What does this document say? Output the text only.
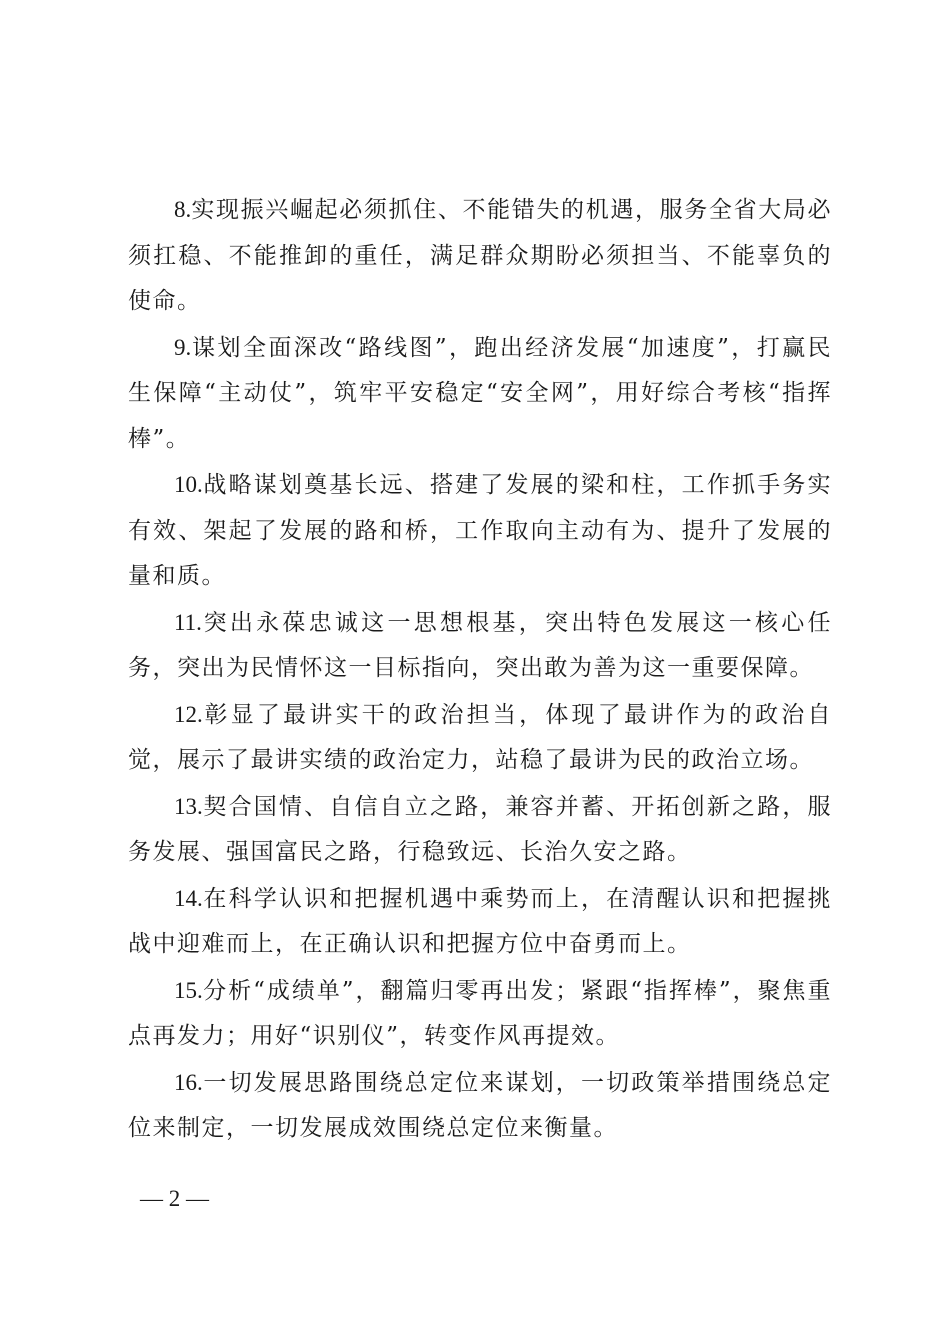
8.实现振兴崛起必须抓住、不能错失的机遇，服务全省大局必须扛稳、不能推卸的重任，满足群众期盼必须担当、不能辜负的使命。

9.谋划全面深改“路线图”，跑出经济发展“加速度”，打赢民生保障“主动仗”，筑牢平安稳定“安全网”，用好综合考核“指挥棒”。

10.战略谋划奠基长远、搭建了发展的梁和柱，工作抓手务实有效、架起了发展的路和桥，工作取向主动有为、提升了发展的量和质。

11.突出永葆忠诚这一思想根基，突出特色发展这一核心任务，突出为民情怀这一目标指向，突出敢为善为这一重要保障。

12.彰显了最讲实干的政治担当，体现了最讲作为的政治自觉，展示了最讲实绩的政治定力，站稳了最讲为民的政治立场。

13.契合国情、自信自立之路，兼容并蓄、开拓创新之路，服务发展、强国富民之路，行稳致远、长治久安之路。

14.在科学认识和把握机遇中乘势而上，在清醒认识和把握挑战中迎难而上，在正确认识和把握方位中奋勇而上。

15.分析“成绩单”，翻篇归零再出发；紧跟“指挥棒”，聚焦重点再发力；用好“识别仪”，转变作风再提效。

16.一切发展思路围绕总定位来谋划，一切政策举措围绕总定位来制定，一切发展成效围绕总定位来衡量。

— 2 —
